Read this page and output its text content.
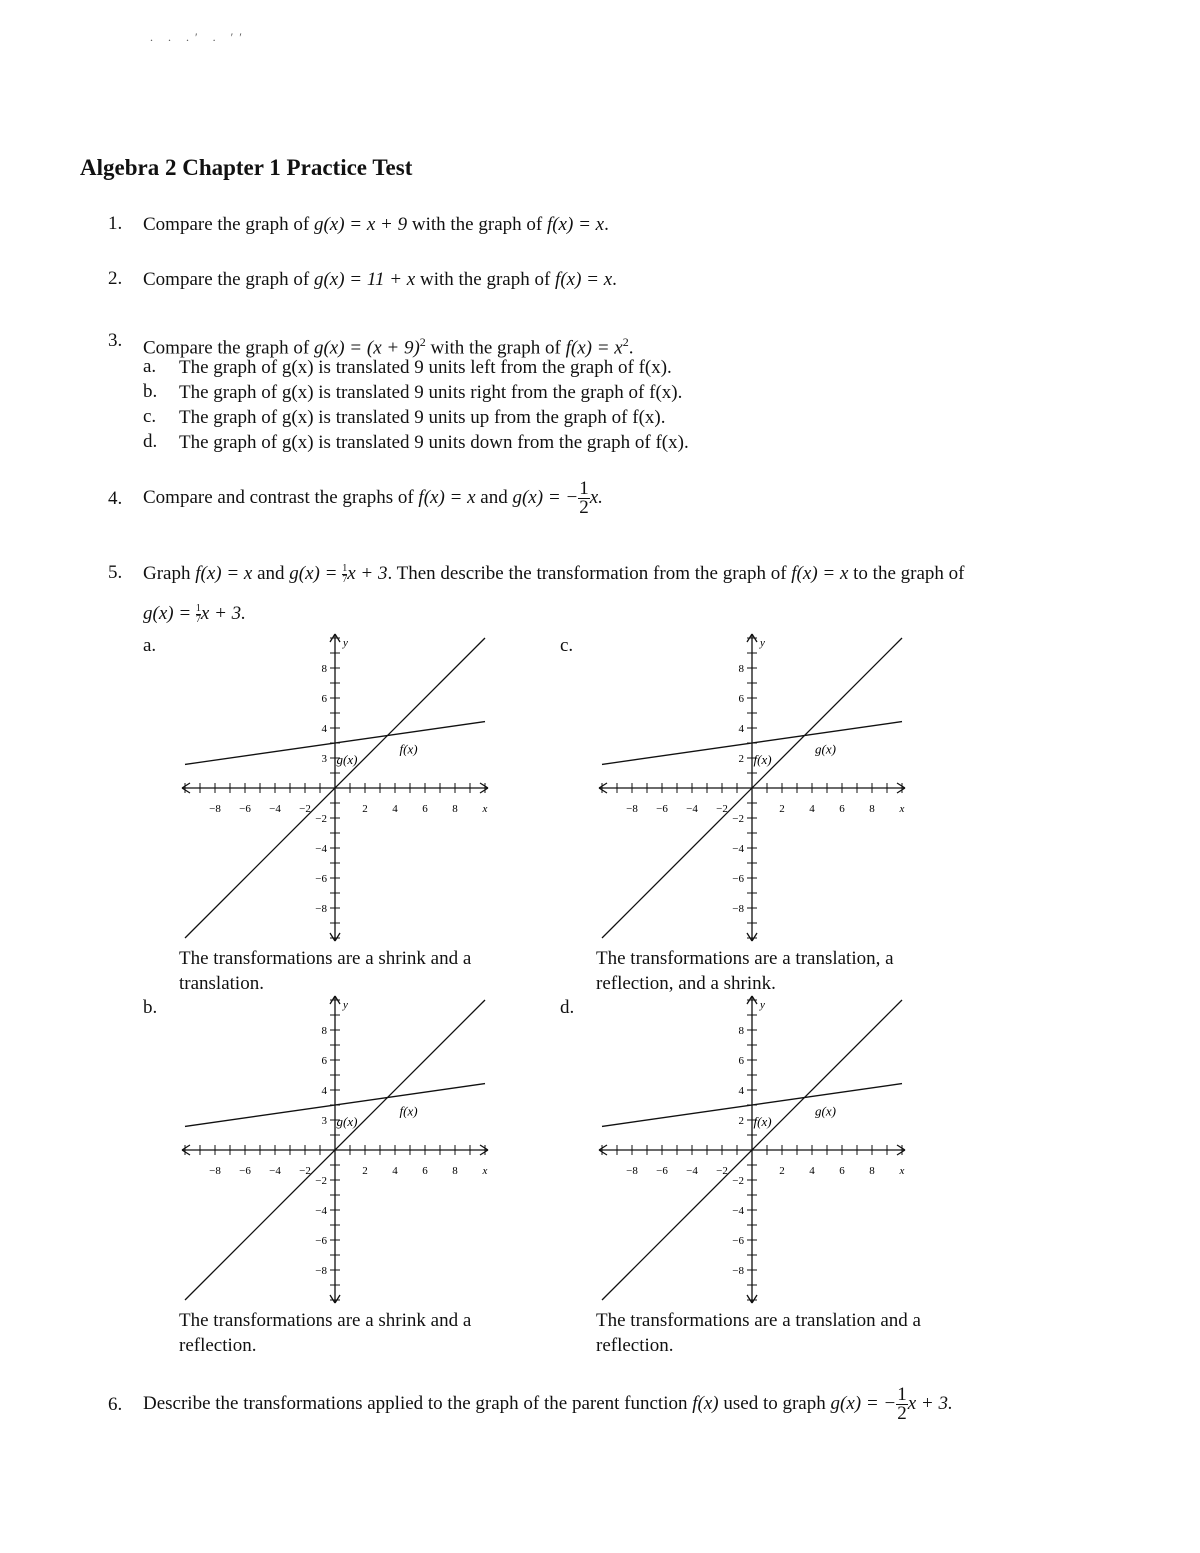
. . .′ . ′′
Algebra 2 Chapter 1 Practice Test
1. Compare the graph of g(x) = x + 9 with the graph of f(x) = x.
2. Compare the graph of g(x) = 11 + x with the graph of f(x) = x.
3. Compare the graph of $g(x) = (x + 9)^2$ with the graph of $f(x) = x^2$.
a. The graph of g(x) is translated 9 units left from the graph of f(x).
b. The graph of g(x) is translated 9 units right from the graph of f(x).
c. The graph of g(x) is translated 9 units up from the graph of f(x).
d. The graph of g(x) is translated 9 units down from the graph of f(x).
4. Compare and contrast the graphs of f(x) = x and g(x) = − $\frac{1}{2} x$.
5. Graph f(x) = x and $g(x) = \frac{1}{7}x + 3$. Then describe the transformation from the graph of f(x) = x to the graph of
$g(x) = \frac{1}{7}x + 3$.
a.	c.
b.	d.
−8 −6 −4 −2	2 4 6 8
8
6
4
3
−2
−4
−6
−8
x
y
f(x)
g(x)
−8 −6 −4 −2	2 4 6 8
8
6
4
2
−2
−4
−6
−8
x
y
f(x)
g(x)
−8 −6 −4 −2	2 4 6 8
8
6
4
3
−2
−4
−6
−8
x
y
f(x)
g(x)
−8 −6 −4 −2	2 4 6 8
8
6
4
2
−2
−4
−6
−8
x
y
f(x)
g(x)
The transformations are a shrink and a translation.
The transformations are a translation, a reflection, and a shrink.
The transformations are a shrink and a reflection.
The transformations are a translation and a reflection.
6. Describe the transformations applied to the graph of the parent function f(x) used to graph g(x) = − $\frac{1}{2}$ x + 3.
